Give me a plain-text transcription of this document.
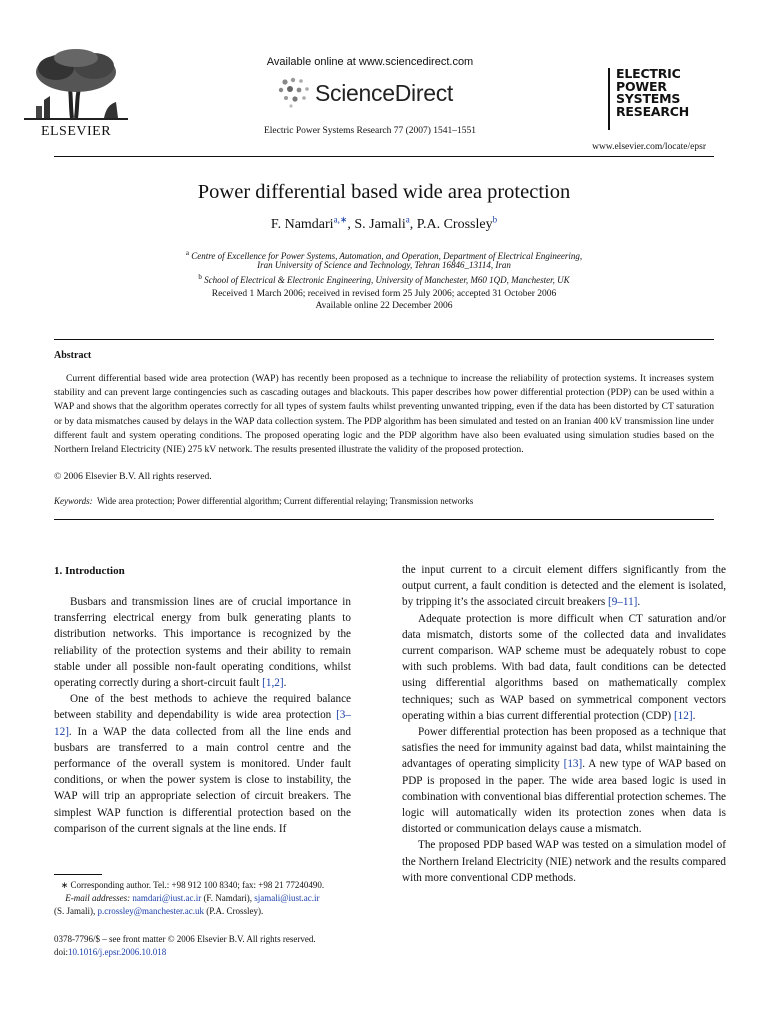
ELSEVIER
Available online at www.sciencedirect.com
ScienceDirect
Electric Power Systems Research 77 (2007) 1541–1551
ELECTRIC
POWER
SYSTEMS
RESEARCH
www.elsevier.com/locate/epsr
Power differential based wide area protection
F. Namdari$^{a,∗}$, S. Jamali$^a$, P.A. Crossley$^b$
$^a$ Centre of Excellence for Power Systems, Automation, and Operation, Department of Electrical Engineering,
Iran University of Science and Technology, Tehran 16846_13114, Iran
$^b$ School of Electrical & Electronic Engineering, University of Manchester, M60 1QD, Manchester, UK
Received 1 March 2006; received in revised form 25 July 2006; accepted 31 October 2006
Available online 22 December 2006
Abstract

Current differential based wide area protection (WAP) has recently been proposed as a technique to increase the reliability of protection systems. It increases system stability and can prevent large contingencies such as cascading outages and blackouts. This paper describes how power differential protection (PDP) can be used within a WAP and shows that the algorithm operates correctly for all types of system faults whilst preventing unwanted tripping, even if the data has been distorted by CT saturation or by data mismatches caused by delays in the WAP data collection system. The PDP algorithm has been simulated and tested on an Iranian 400 kV transmission line under different fault and system operating conditions. The proposed operating logic and the PDP algorithm have also been evaluated using simulation studies based on the Northern Ireland Electricity (NIE) 275 kV network. The results presented illustrate the validity of the proposed protection.

© 2006 Elsevier B.V. All rights reserved.
Keywords: Wide area protection; Power differential algorithm; Current differential relaying; Transmission networks
1. Introduction

Busbars and transmission lines are of crucial importance in transferring electrical energy from bulk generating plants to distribution networks. This importance is recognized by the reliability of the protection systems and their ability to remain stable under all possible non-fault operating conditions, whilst operating correctly during a short-circuit fault [1,2].

One of the best methods to achieve the required balance between stability and dependability is wide area protection [3–12]. In a WAP the data collected from all the line ends and busbars are transferred to a main control centre and the performance of the overall system is monitored. Under fault conditions, or when the power system is close to instability, the WAP will trip an appropriate selection of circuit breakers. The simplest WAP function is differential protection based on the comparison of the current signals at the line ends. If

the input current to a circuit element differs significantly from the output current, a fault condition is detected and the element is isolated, by tripping it’s the associated circuit breakers [9–11].

Adequate protection is more difficult when CT saturation and/or data mismatch, distorts some of the collected data and invalidates current comparison. WAP scheme must be adequately robust to cope with such problems. With bad data, fault conditions can be detected using differential algorithms based on mathematically complex techniques; such as WAP based on symmetrical component vectors operating within a bias current differential protection (CDP) [12].

Power differential protection has been proposed as a technique that satisfies the need for immunity against bad data, whilst maintaining the advantages of operating simplicity [13]. A new type of WAP based on PDP is proposed in the paper. The wide area based logic is used in combination with conventional bias differential protection schemes. The logic will automatically widen its protection zones when data is distorted or communication delays cause a mismatch.

The proposed PDP based WAP was tested on a simulation model of the Northern Ireland Electricity (NIE) network and the results compared with more conventional CDP methods.

∗ Corresponding author. Tel.: +98 912 100 8340; fax: +98 21 77240490.
E-mail addresses: namdari@iust.ac.ir (F. Namdari), sjamali@iust.ac.ir
(S. Jamali), p.crossley@manchester.ac.uk (P.A. Crossley).
0378-7796/$ – see front matter © 2006 Elsevier B.V. All rights reserved.
doi:10.1016/j.epsr.2006.10.018
